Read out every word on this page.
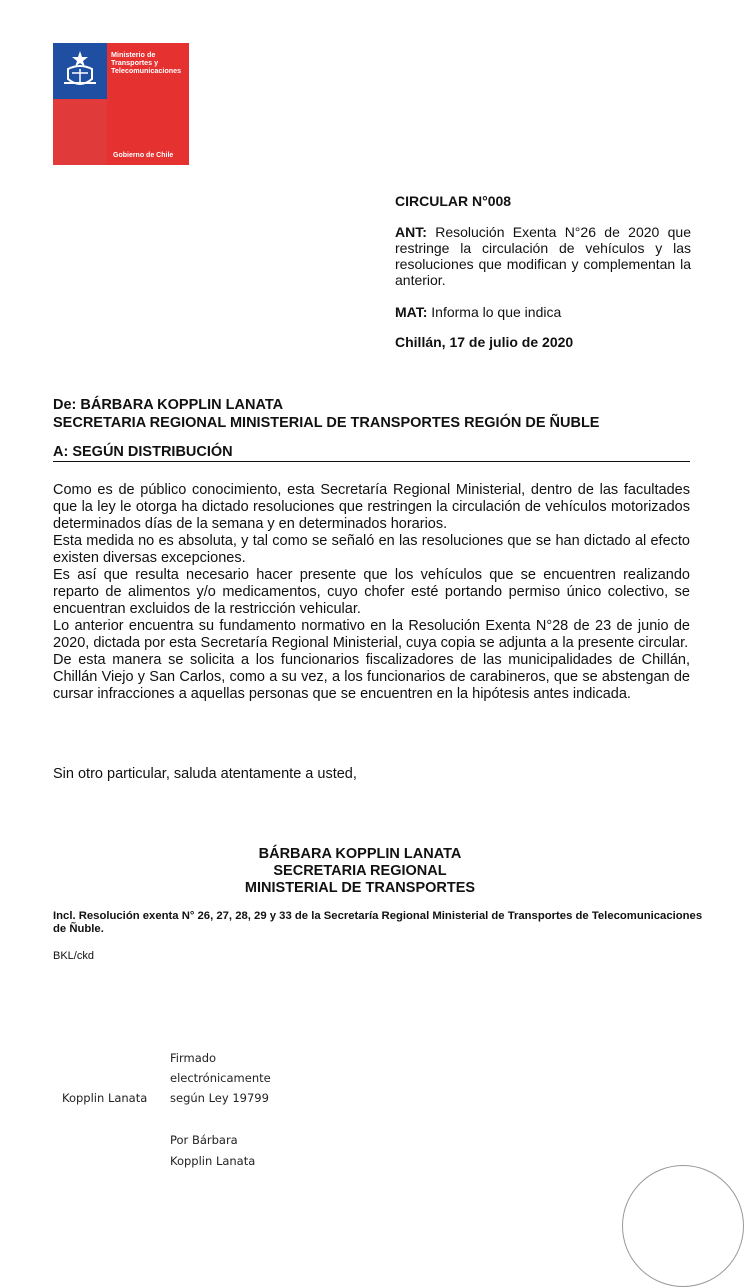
Ministerio de Transportes y Telecomunicaciones
Gobierno de Chile
CIRCULAR N°008
ANT: Resolución Exenta N°26 de 2020 que restringe la circulación de vehículos y las resoluciones que modifican y complementan la anterior.
MAT: Informa lo que indica
Chillán, 17 de julio de 2020
De: BÁRBARA KOPPLIN LANATA
SECRETARIA REGIONAL MINISTERIAL DE TRANSPORTES REGIÓN DE ÑUBLE
A: SEGÚN DISTRIBUCIÓN

Como es de público conocimiento, esta Secretaría Regional Ministerial, dentro de las facultades que la ley le otorga ha dictado resoluciones que restringen la circulación de vehículos motorizados determinados días de la semana y en determinados horarios.

Esta medida no es absoluta, y tal como se señaló en las resoluciones que se han dictado al efecto existen diversas excepciones.

Es así que resulta necesario hacer presente que los vehículos que se encuentren realizando reparto de alimentos y/o medicamentos, cuyo chofer esté portando permiso único colectivo, se encuentran excluidos de la restricción vehicular.

Lo anterior encuentra su fundamento normativo en la Resolución Exenta N°28 de 23 de junio de 2020, dictada por esta Secretaría Regional Ministerial, cuya copia se adjunta a la presente circular.

De esta manera se solicita a los funcionarios fiscalizadores de las municipalidades de Chillán, Chillán Viejo y San Carlos, como a su vez, a los funcionarios de carabineros, que se abstengan de cursar infracciones a aquellas personas que se encuentren en la hipótesis antes indicada.

Sin otro particular, saluda atentamente a usted,
BÁRBARA KOPPLIN LANATA
SECRETARIA REGIONAL
MINISTERIAL DE TRANSPORTES
Incl. Resolución exenta N° 26, 27, 28, 29 y 33 de la Secretaría Regional Ministerial de Transportes de Telecomunicaciones de Ñuble.
BKL/ckd
Kopplin Lanata
Firmado
electrónicamente
según Ley 19799
Por Bárbara
Kopplin Lanata
